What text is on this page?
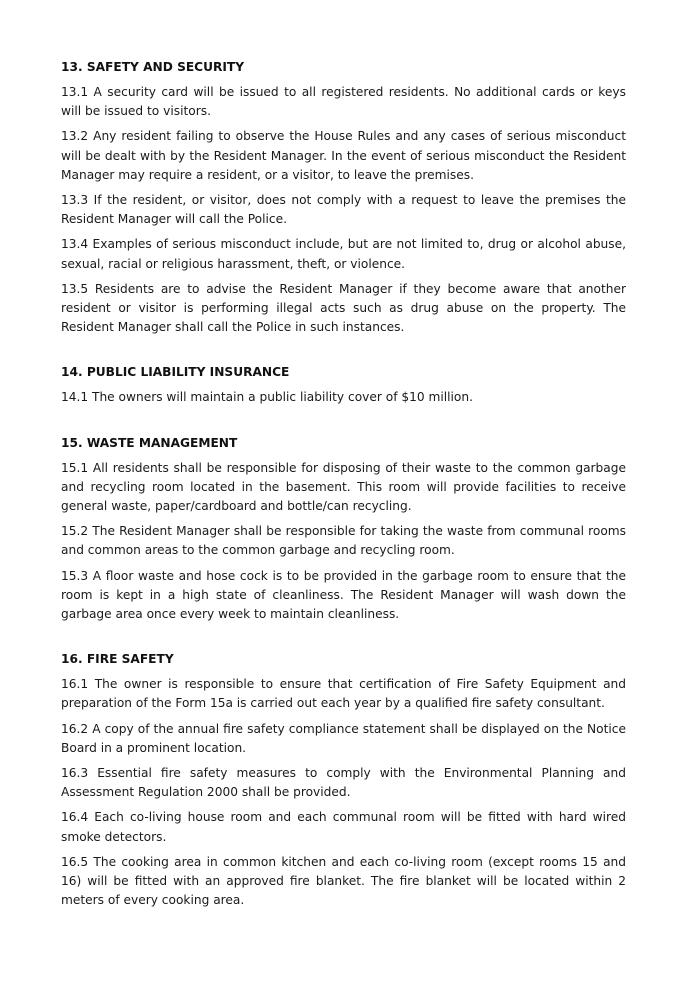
13. SAFETY AND SECURITY

13.1 A security card will be issued to all registered residents. No additional cards or keys will be issued to visitors.

13.2 Any resident failing to observe the House Rules and any cases of serious misconduct will be dealt with by the Resident Manager. In the event of serious misconduct the Resident Manager may require a resident, or a visitor, to leave the premises.

13.3 If the resident, or visitor, does not comply with a request to leave the premises the Resident Manager will call the Police.

13.4 Examples of serious misconduct include, but are not limited to, drug or alcohol abuse, sexual, racial or religious harassment, theft, or violence.

13.5 Residents are to advise the Resident Manager if they become aware that another resident or visitor is performing illegal acts such as drug abuse on the property. The Resident Manager shall call the Police in such instances.

14. PUBLIC LIABILITY INSURANCE

14.1 The owners will maintain a public liability cover of $10 million.

15. WASTE MANAGEMENT

15.1 All residents shall be responsible for disposing of their waste to the common garbage and recycling room located in the basement. This room will provide facilities to receive general waste, paper/cardboard and bottle/can recycling.

15.2 The Resident Manager shall be responsible for taking the waste from communal rooms and common areas to the common garbage and recycling room.

15.3 A floor waste and hose cock is to be provided in the garbage room to ensure that the room is kept in a high state of cleanliness. The Resident Manager will wash down the garbage area once every week to maintain cleanliness.

16. FIRE SAFETY

16.1 The owner is responsible to ensure that certification of Fire Safety Equipment and preparation of the Form 15a is carried out each year by a qualified fire safety consultant.

16.2 A copy of the annual fire safety compliance statement shall be displayed on the Notice Board in a prominent location.

16.3 Essential fire safety measures to comply with the Environmental Planning and Assessment Regulation 2000 shall be provided.

16.4 Each co-living house room and each communal room will be fitted with hard wired smoke detectors.

16.5 The cooking area in common kitchen and each co-living room (except rooms 15 and 16) will be fitted with an approved fire blanket. The fire blanket will be located within 2 meters of every cooking area.
